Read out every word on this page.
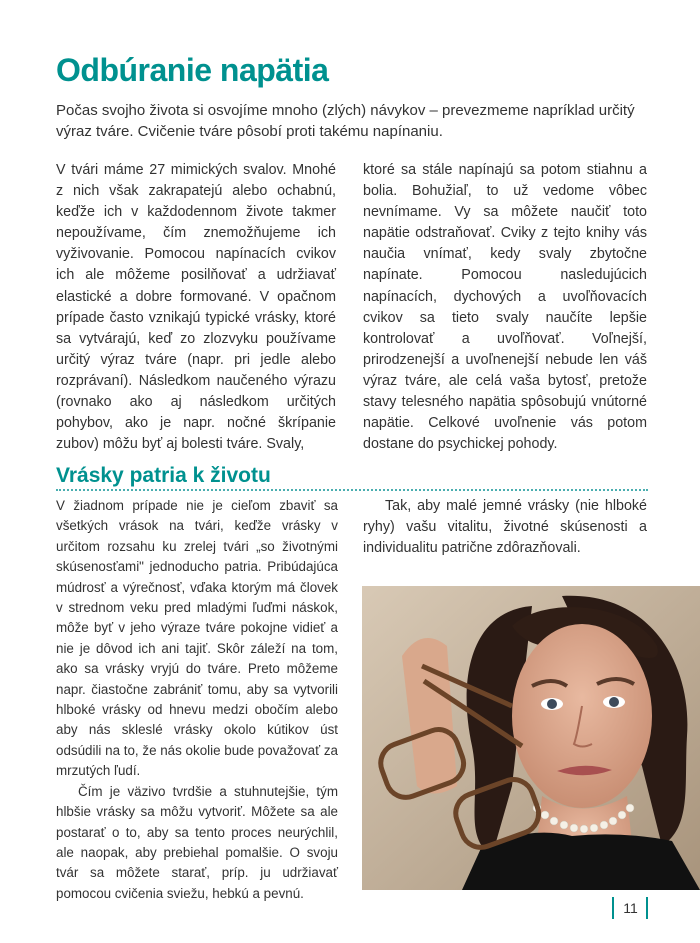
Odbúranie napätia

Počas svojho života si osvojíme mnoho (zlých) návykov – prevezmeme napríklad určitý výraz tváre. Cvičenie tváre pôsobí proti takému napínaniu.

V tvári máme 27 mimických svalov. Mnohé z nich však zakrapatejú alebo ochabnú, keďže ich v každodennom živote takmer nepoužívame, čím znemožňujeme ich vyživovanie. Pomocou napínacích cvikov ich ale môžeme posilňovať a udržiavať elastické a dobre formované. V opačnom prípade často vznikajú typické vrásky, ktoré sa vytvárajú, keď zo zlozvyku používame určitý výraz tváre (napr. pri jedle alebo rozprávaní). Následkom naučeného výrazu (rovnako ako aj následkom určitých pohybov, ako je napr. nočné škrípanie zubov) môžu byť aj bolesti tváre. Svaly,

ktoré sa stále napínajú sa potom stiahnu a bolia. Bohužiaľ, to už vedome vôbec nevnímame. Vy sa môžete naučiť toto napätie odstraňovať. Cviky z tejto knihy vás naučia vnímať, kedy svaly zbytočne napínate. Pomocou nasledujúcich napínacích, dychových a uvoľňovacích cvikov sa tieto svaly naučíte lepšie kontrolovať a uvoľňovať. Voľnejší, prirodzenejší a uvoľnenejší nebude len váš výraz tváre, ale celá vaša bytosť, pretože stavy telesného napätia spôsobujú vnútorné napätie. Celkové uvoľnenie vás potom dostane do psychickej pohody.

Vrásky patria k životu

V žiadnom prípade nie je cieľom zbaviť sa všetkých vrások na tvári, keďže vrásky v určitom rozsahu ku zrelej tvári „so životnými skúsenosťami" jednoducho patria. Pribúdajúca múdrosť a výrečnosť, vďaka ktorým má človek v strednom veku pred mladými ľuďmi náskok, môže byť v jeho výraze tváre pokojne vidieť a nie je dôvod ich ani tajiť. Skôr záleží na tom, ako sa vrásky vryjú do tváre. Preto môžeme napr. čiastočne zabrániť tomu, aby sa vytvorili hlboké vrásky od hnevu medzi obočím alebo aby nás skleslé vrásky okolo kútikov úst odsúdili na to, že nás okolie bude považovať za mrzutých ľudí.

Čím je väzivo tvrdšie a stuhnutejšie, tým hlbšie vrásky sa môžu vytvoriť. Môžete sa ale postarať o to, aby sa tento proces neurýchlil, ale naopak, aby prebiehal pomalšie. O svoju tvár sa môžete starať, príp. ju udržiavať pomocou cvičenia sviežu, hebkú a pevnú.

Tak, aby malé jemné vrásky (nie hlboké ryhy) vašu vitalitu, životné skúsenosti a individualitu patrične zdôrazňovali.

11
